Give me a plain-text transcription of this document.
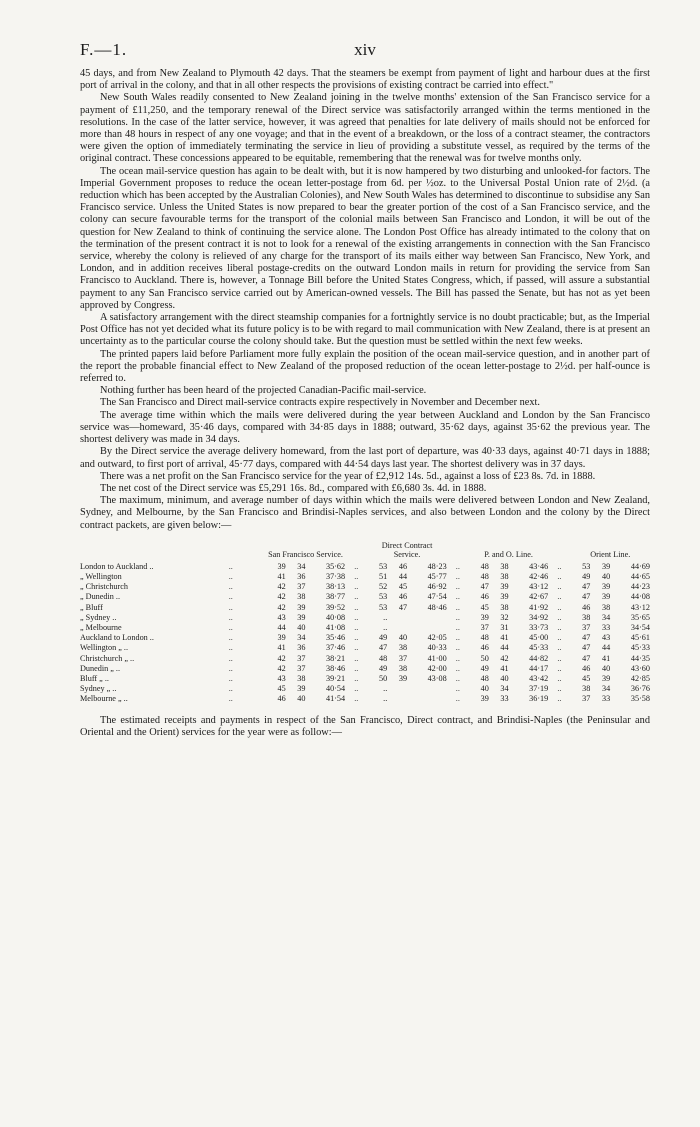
F.—1.	xiv

45 days, and from New Zealand to Plymouth 42 days. That the steamers be exempt from payment of light and harbour dues at the first port of arrival in the colony, and that in all other respects the provisions of existing contract be carried into effect."

New South Wales readily consented to New Zealand joining in the twelve months' extension of the San Francisco service for a payment of £11,250, and the temporary renewal of the Direct service was satisfactorily arranged within the terms mentioned in the resolutions. In the case of the latter service, however, it was agreed that penalties for late delivery of mails should not be enforced for more than 48 hours in respect of any one voyage; and that in the event of a breakdown, or the loss of a contract steamer, the contractors were given the option of immediately terminating the service in lieu of providing a substitute vessel, as required by the terms of the original contract. These concessions appeared to be equitable, remembering that the renewal was for twelve months only.

The ocean mail-service question has again to be dealt with, but it is now hampered by two disturbing and unlooked-for factors. The Imperial Government proposes to reduce the ocean letter-postage from 6d. per ½oz. to the Universal Postal Union rate of 2½d. (a reduction which has been accepted by the Australian Colonies), and New South Wales has determined to discontinue to subsidise any San Francisco service. Unless the United States is now prepared to bear the greater portion of the cost of a San Francisco service, and the colony can secure favourable terms for the transport of the colonial mails between San Francisco and London, it will be out of the question for New Zealand to think of continuing the service alone. The London Post Office has already intimated to the colony that on the termination of the present contract it is not to look for a renewal of the existing arrangements in connection with the San Francisco service, whereby the colony is relieved of any charge for the transport of its mails either way between San Francisco, New York, and London, and in addition receives liberal postage-credits on the outward London mails in return for providing the service from San Francisco to Auckland. There is, however, a Tonnage Bill before the United States Congress, which, if passed, will assure a substantial payment to any San Francisco service carried out by American-owned vessels. The Bill has passed the Senate, but has not as yet been approved by Congress.

A satisfactory arrangement with the direct steamship companies for a fortnightly service is no doubt practicable; but, as the Imperial Post Office has not yet decided what its future policy is to be with regard to mail communication with New Zealand, there is at present an uncertainty as to the particular course the colony should take. But the question must be settled within the next few weeks.

The printed papers laid before Parliament more fully explain the position of the ocean mail-service question, and in another part of the report the probable financial effect to New Zealand of the proposed reduction of the ocean letter-postage to 2½d. per half-ounce is referred to.

Nothing further has been heard of the projected Canadian-Pacific mail-service.

The San Francisco and Direct mail-service contracts expire respectively in November and December next.

The average time within which the mails were delivered during the year between Auckland and London by the San Francisco service was—homeward, 35·46 days, compared with 34·85 days in 1888; outward, 35·62 days, against 35·62 the previous year. The shortest delivery was made in 34 days.

By the Direct service the average delivery homeward, from the last port of departure, was 40·33 days, against 40·71 days in 1888; and outward, to first port of arrival, 45·77 days, compared with 44·54 days last year. The shortest delivery was in 37 days.

There was a net profit on the San Francisco service for the year of £2,912 14s. 5d., against a loss of £23 8s. 7d. in 1888.

The net cost of the Direct service was £5,291 16s. 8d., compared with £6,680 3s. 4d. in 1888.

The maximum, minimum, and average number of days within which the mails were delivered between London and New Zealand, Sydney, and Melbourne, by the San Francisco and Brindisi-Naples services, and also between London and the colony by the Direct contract packets, are given below:—

		San Francisco Service.				Direct Contract Service.				P. and O. Line.				Orient Line.		
London to Auckland ..	..	39	34	35·62	..	53	46	48·23	..	48	38	43·46	..	53	39	44·69
„ Wellington	..	41	36	37·38	..	51	44	45·77	..	48	38	42·46	..	49	40	44·65
„ Christchurch	..	42	37	38·13	..	52	45	46·92	..	47	39	43·12	..	47	39	44·23
„ Dunedin ..	..	42	38	38·77	..	53	46	47·54	..	46	39	42·67	..	47	39	44·08
„ Bluff	..	42	39	39·52	..	53	47	48·46	..	45	38	41·92	..	46	38	43·12
„ Sydney ..	..	43	39	40·08	..	..			..	39	32	34·92	..	38	34	35·65
„ Melbourne	..	44	40	41·08	..	..			..	37	31	33·73	..	37	33	34·54
Auckland to London ..	..	39	34	35·46	..	49	40	42·05	..	48	41	45·00	..	47	43	45·61
Wellington „ ..	..	41	36	37·46	..	47	38	40·33	..	46	44	45·33	..	47	44	45·33
Christchurch „ ..	..	42	37	38·21	..	48	37	41·00	..	50	42	44·82	..	47	41	44·35
Dunedin „ ..	..	42	37	38·46	..	49	38	42·00	..	49	41	44·17	..	46	40	43·60
Bluff „ ..	..	43	38	39·21	..	50	39	43·08	..	48	40	43·42	..	45	39	42·85
Sydney „ ..	..	45	39	40·54	..	..			..	40	34	37·19	..	38	34	36·76
Melbourne „ ..	..	46	40	41·54	..	..			..	39	33	36·19	..	37	33	35·58

The estimated receipts and payments in respect of the San Francisco, Direct contract, and Brindisi-Naples (the Peninsular and Oriental and the Orient) services for the year were as follow:—

ﾠ
